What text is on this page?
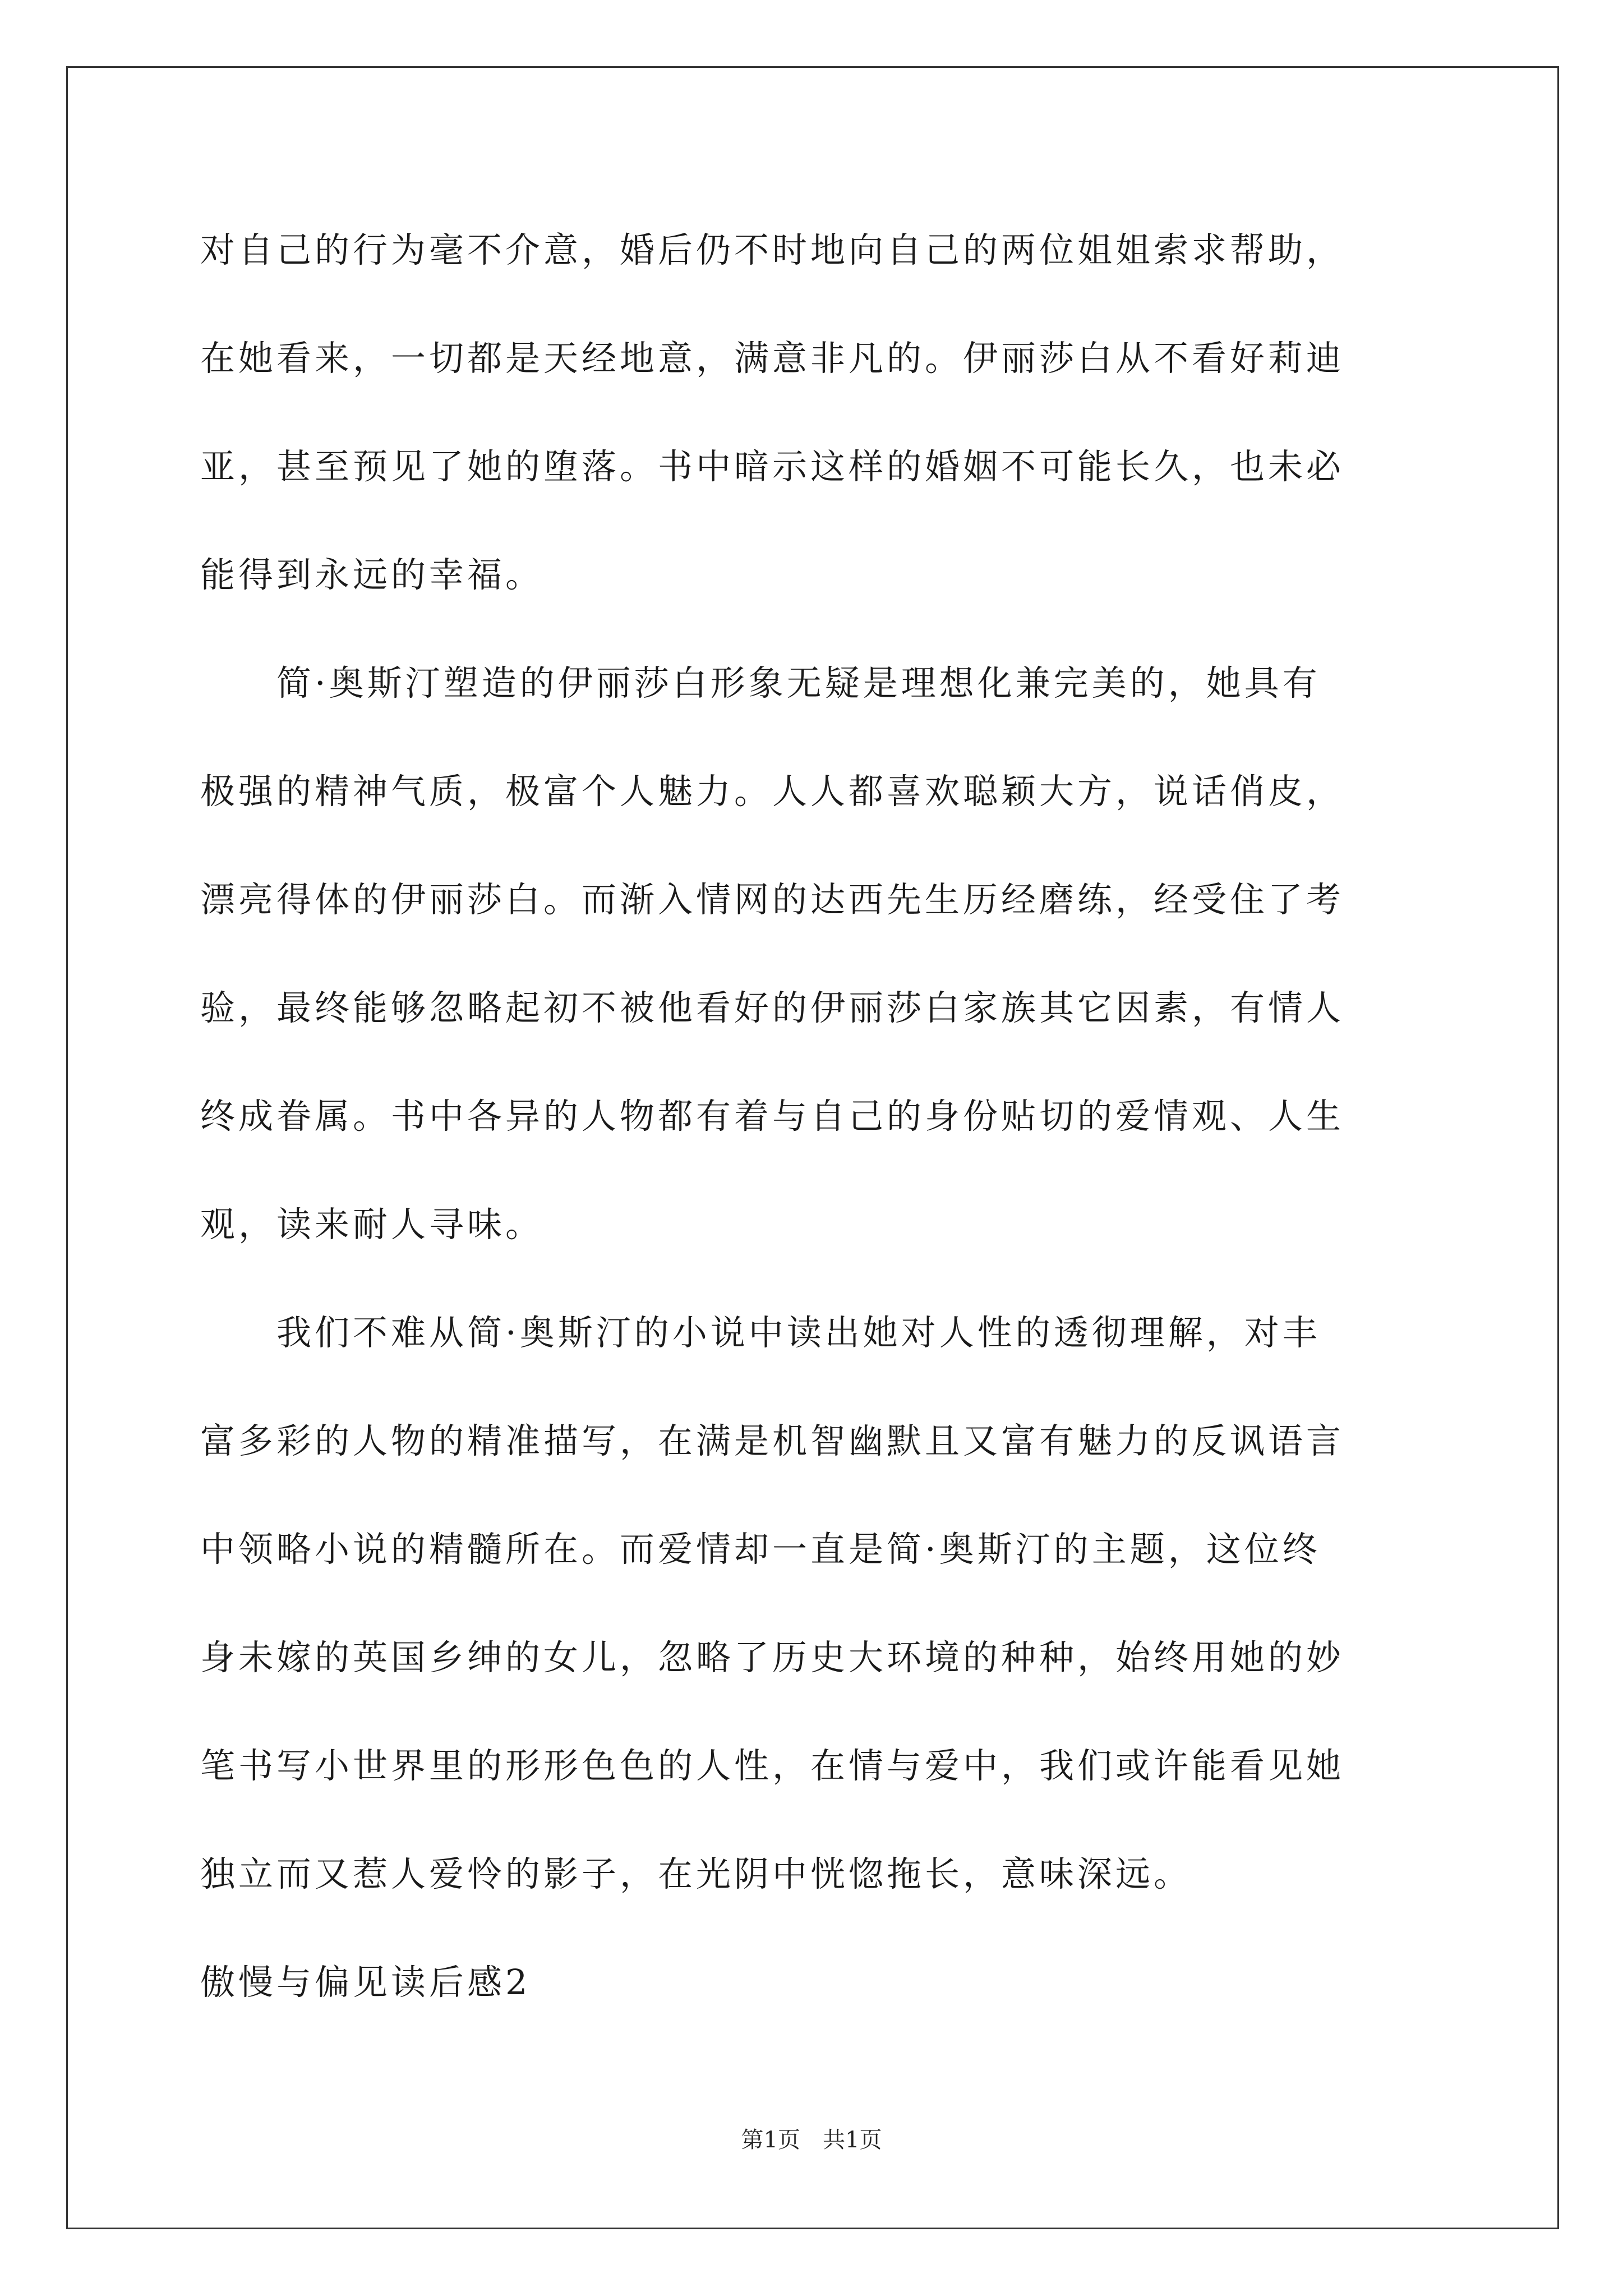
对自己的行为毫不介意，婚后仍不时地向自己的两位姐姐索求帮助，
在她看来，一切都是天经地意，满意非凡的。伊丽莎白从不看好莉迪
亚，甚至预见了她的堕落。书中暗示这样的婚姻不可能长久，也未必
能得到永远的幸福。
　　简·奥斯汀塑造的伊丽莎白形象无疑是理想化兼完美的，她具有
极强的精神气质，极富个人魅力。人人都喜欢聪颖大方，说话俏皮，
漂亮得体的伊丽莎白。而渐入情网的达西先生历经磨练，经受住了考
验，最终能够忽略起初不被他看好的伊丽莎白家族其它因素，有情人
终成眷属。书中各异的人物都有着与自己的身份贴切的爱情观、人生
观，读来耐人寻味。
　　我们不难从简·奥斯汀的小说中读出她对人性的透彻理解，对丰
富多彩的人物的精准描写，在满是机智幽默且又富有魅力的反讽语言
中领略小说的精髓所在。而爱情却一直是简·奥斯汀的主题，这位终
身未嫁的英国乡绅的女儿，忽略了历史大环境的种种，始终用她的妙
笔书写小世界里的形形色色的人性，在情与爱中，我们或许能看见她
独立而又惹人爱怜的影子，在光阴中恍惚拖长，意味深远。
傲慢与偏见读后感2
第1页　共1页
